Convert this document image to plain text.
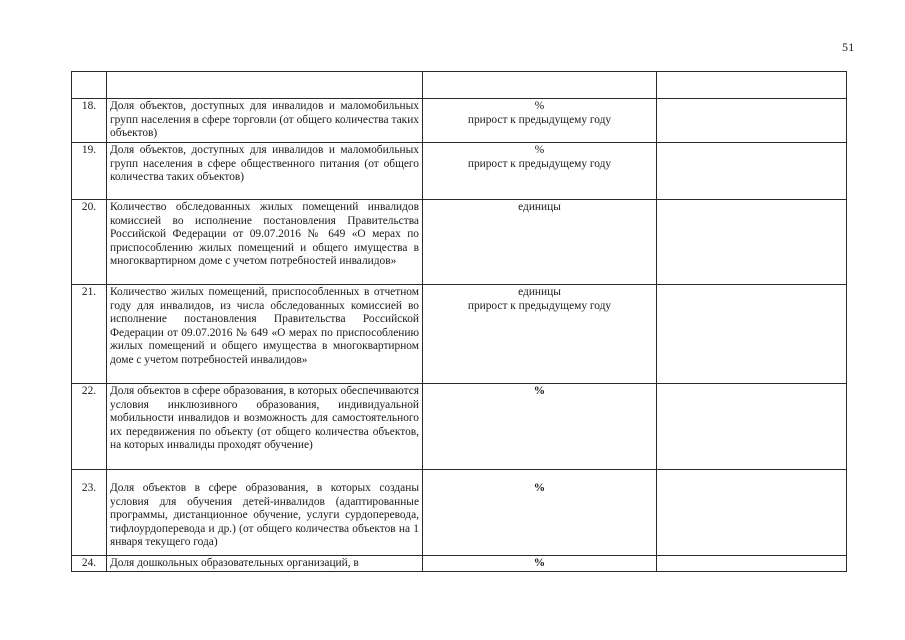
51

18.	Доля объектов, доступных для инвалидов и маломобильных групп населения в сфере торговли (от общего количества таких объектов)	%
прирост к предыдущему году	

19.	Доля объектов, доступных для инвалидов и маломобильных групп населения в сфере общественного питания (от общего количества таких объектов)	%
прирост к предыдущему году	

20.	Количество обследованных жилых помещений инвалидов комиссией во исполнение постановления Правительства Российской Федерации от 09.07.2016 № 649 «О мерах по приспособлению жилых помещений и общего имущества в многоквартирном доме с учетом потребностей инвалидов»	единицы	

21.	Количество жилых помещений, приспособленных в отчетном году для инвалидов, из числа обследованных комиссией во исполнение постановления Правительства Российской Федерации от 09.07.2016 № 649 «О мерах по приспособлению жилых помещений и общего имущества в многоквартирном доме с учетом потребностей инвалидов»	единицы
прирост к предыдущему году	

22.	Доля объектов в сфере образования, в которых обеспечиваются условия инклюзивного образования, индивидуальной мобильности инвалидов и возможность для самостоятельного их передвижения по объекту (от общего количества объектов, на которых инвалиды проходят обучение)	%	

23.	Доля объектов в сфере образования, в которых созданы условия для обучения детей-инвалидов (адаптированные программы, дистанционное обучение, услуги сурдоперевода, тифлоурдоперевода и др.) (от общего количества объектов на 1 января текущего года)	%	

24.	Доля дошкольных образовательных организаций, в	%	
